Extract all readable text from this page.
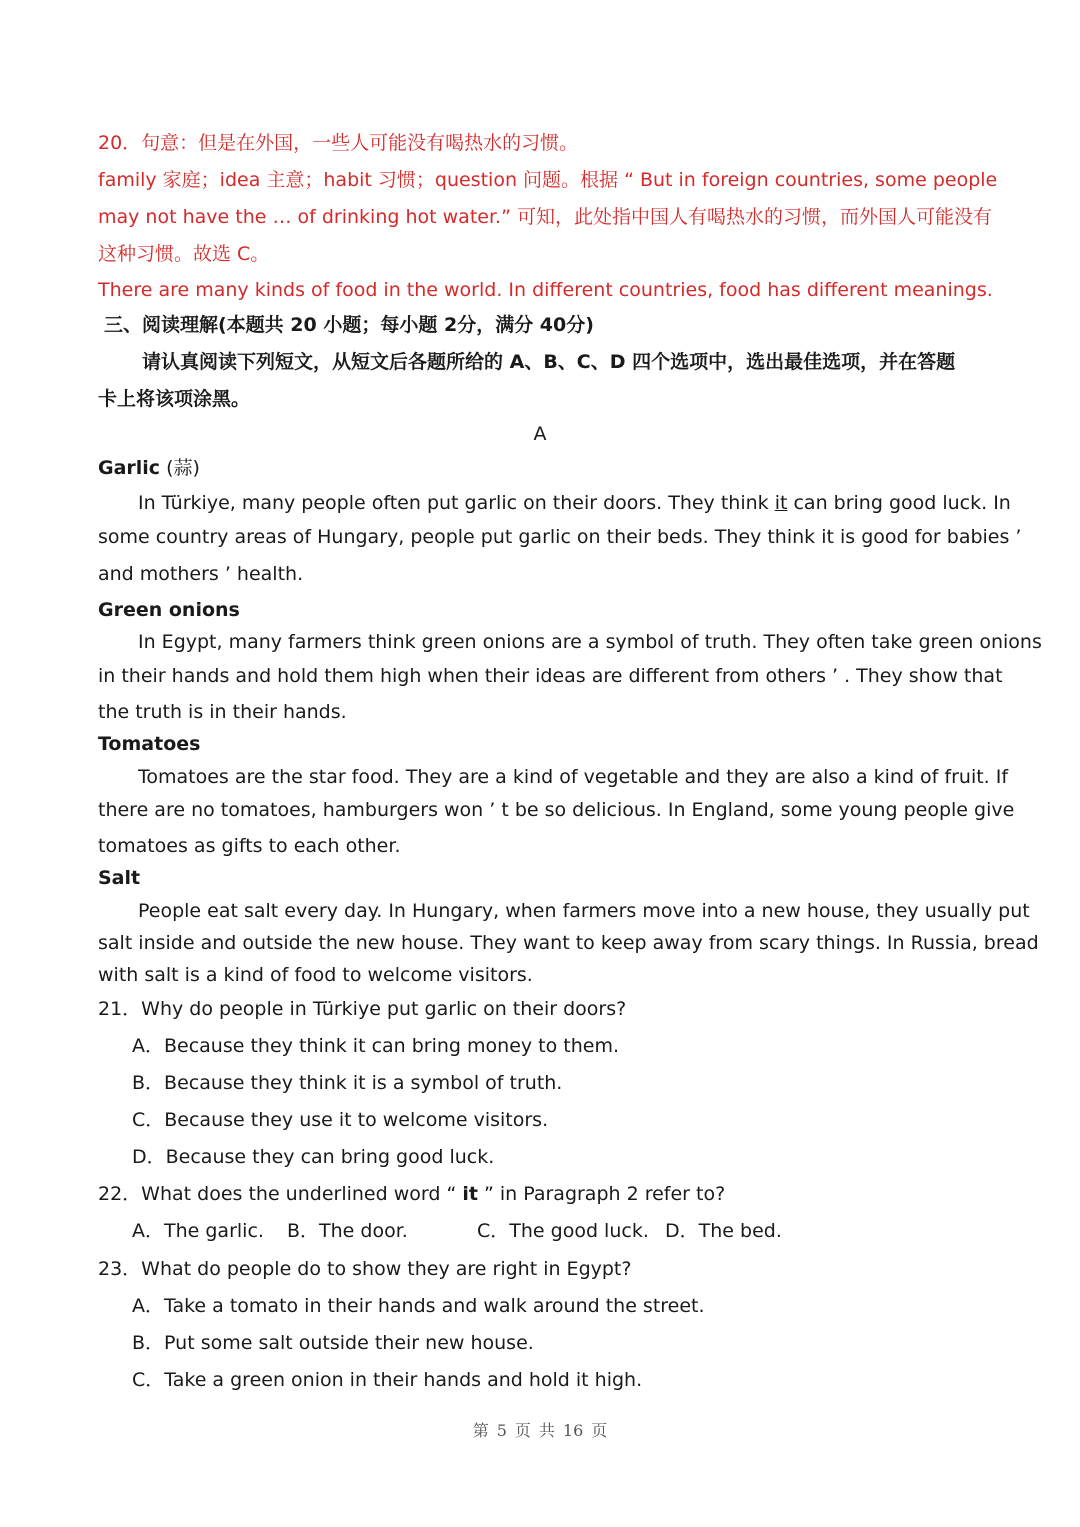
20．句意：但是在外国，一些人可能没有喝热水的习惯。
family 家庭；idea 主意；habit 习惯；question 问题。根据 “ But in foreign countries, some people
may not have the … of drinking hot water.” 可知，此处指中国人有喝热水的习惯，而外国人可能没有
这种习惯。故选 C。
There are many kinds of food in the world. In different countries, food has different meanings.
三、阅读理解(本题共 20 小题；每小题 2分，满分 40分)
请认真阅读下列短文，从短文后各题所给的 A、B、C、D 四个选项中，选出最佳选项，并在答题
卡上将该项涂黑。
A
Garlic (蒜)
In Türkiye, many people often put garlic on their doors. They think it can bring good luck. In
some country areas of Hungary, people put garlic on their beds. They think it is good for babies ’
and mothers ’ health.
Green onions
In Egypt, many farmers think green onions are a symbol of truth. They often take green onions
in their hands and hold them high when their ideas are different from others ’ . They show that
the truth is in their hands.
Tomatoes
Tomatoes are the star food. They are a kind of vegetable and they are also a kind of fruit. If
there are no tomatoes, hamburgers won ’ t be so delicious. In England, some young people give
tomatoes as gifts to each other.
Salt
People eat salt every day. In Hungary, when farmers move into a new house, they usually put
salt inside and outside the new house. They want to keep away from scary things. In Russia, bread
with salt is a kind of food to welcome visitors.
21．Why do people in Türkiye put garlic on their doors?
A．Because they think it can bring money to them.
B．Because they think it is a symbol of truth.
C．Because they use it to welcome visitors.
D．Because they can bring good luck.
22．What does the underlined word “ it ” in Paragraph 2 refer to?
A．The garlic. B．The door.	C．The good luck. D．The bed.
23．What do people do to show they are right in Egypt?
A．Take a tomato in their hands and walk around the street.
B．Put some salt outside their new house.
C．Take a green onion in their hands and hold it high.
第 5 页 共 16 页
